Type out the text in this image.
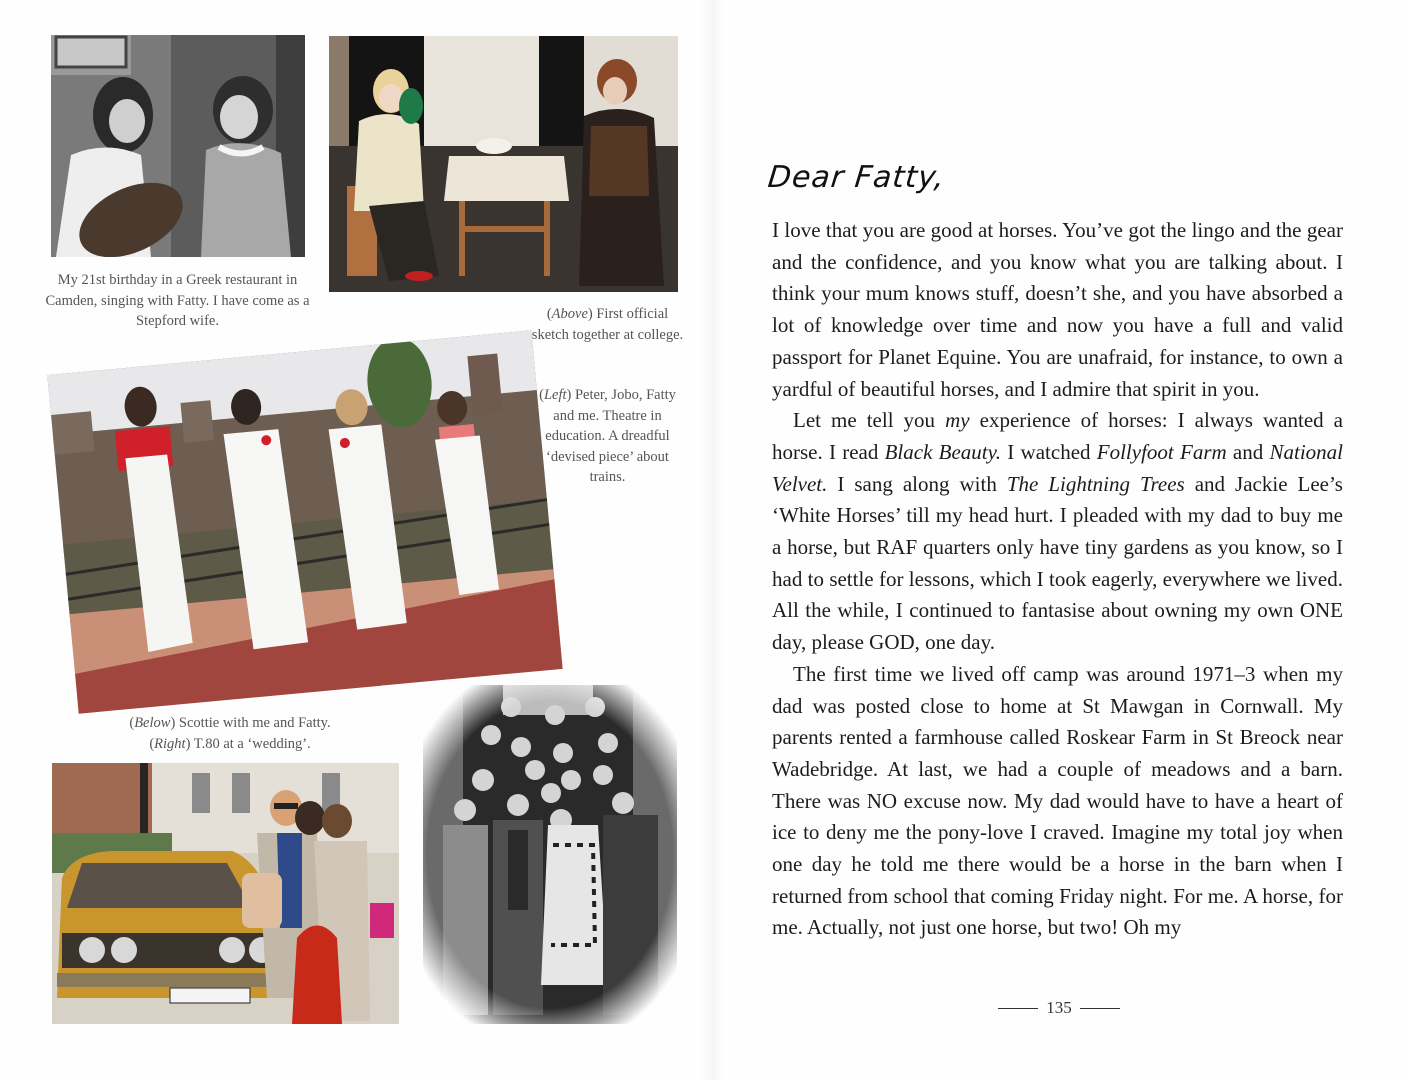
My 21st birthday in a Greek restaurant in Camden, singing with Fatty. I have come as a Stepford wife.	(Above) First official sketch together at college.
(Left) Peter, Jobo, Fatty and me. Theatre in education. A dreadful ‘devised piece’ about trains.
(Below) Scottie with me and Fatty.
(Right) T.80 at a ‘wedding’.
Dear Fatty,

I love that you are good at horses. You’ve got the lingo and the gear and the confidence, and you know what you are talking about. I think your mum knows stuff, doesn’t she, and you have absorbed a lot of knowledge over time and now you have a full and valid passport for Planet Equine. You are unafraid, for instance, to own a yardful of beautiful horses, and I admire that spirit in you.

Let me tell you my experience of horses: I always wanted a horse. I read Black Beauty. I watched Follyfoot Farm and National Velvet. I sang along with The Lightning Trees and Jackie Lee’s ‘White Horses’ till my head hurt. I pleaded with my dad to buy me a horse, but RAF quarters only have tiny gardens as you know, so I had to settle for lessons, which I took eagerly, everywhere we lived. All the while, I continued to fantasise about owning my own ONE day, please GOD, one day.

The first time we lived off camp was around 1971–3 when my dad was posted close to home at St Mawgan in Cornwall. My parents rented a farmhouse called Roskear Farm in St Breock near Wadebridge. At last, we had a couple of meadows and a barn. There was NO excuse now. My dad would have to have a heart of ice to deny me the pony-love I craved. Imagine my total joy when one day he told me there would be a horse in the barn when I returned from school that coming Friday night. For me. A horse, for me. Actually, not just one horse, but two! Oh my

135
